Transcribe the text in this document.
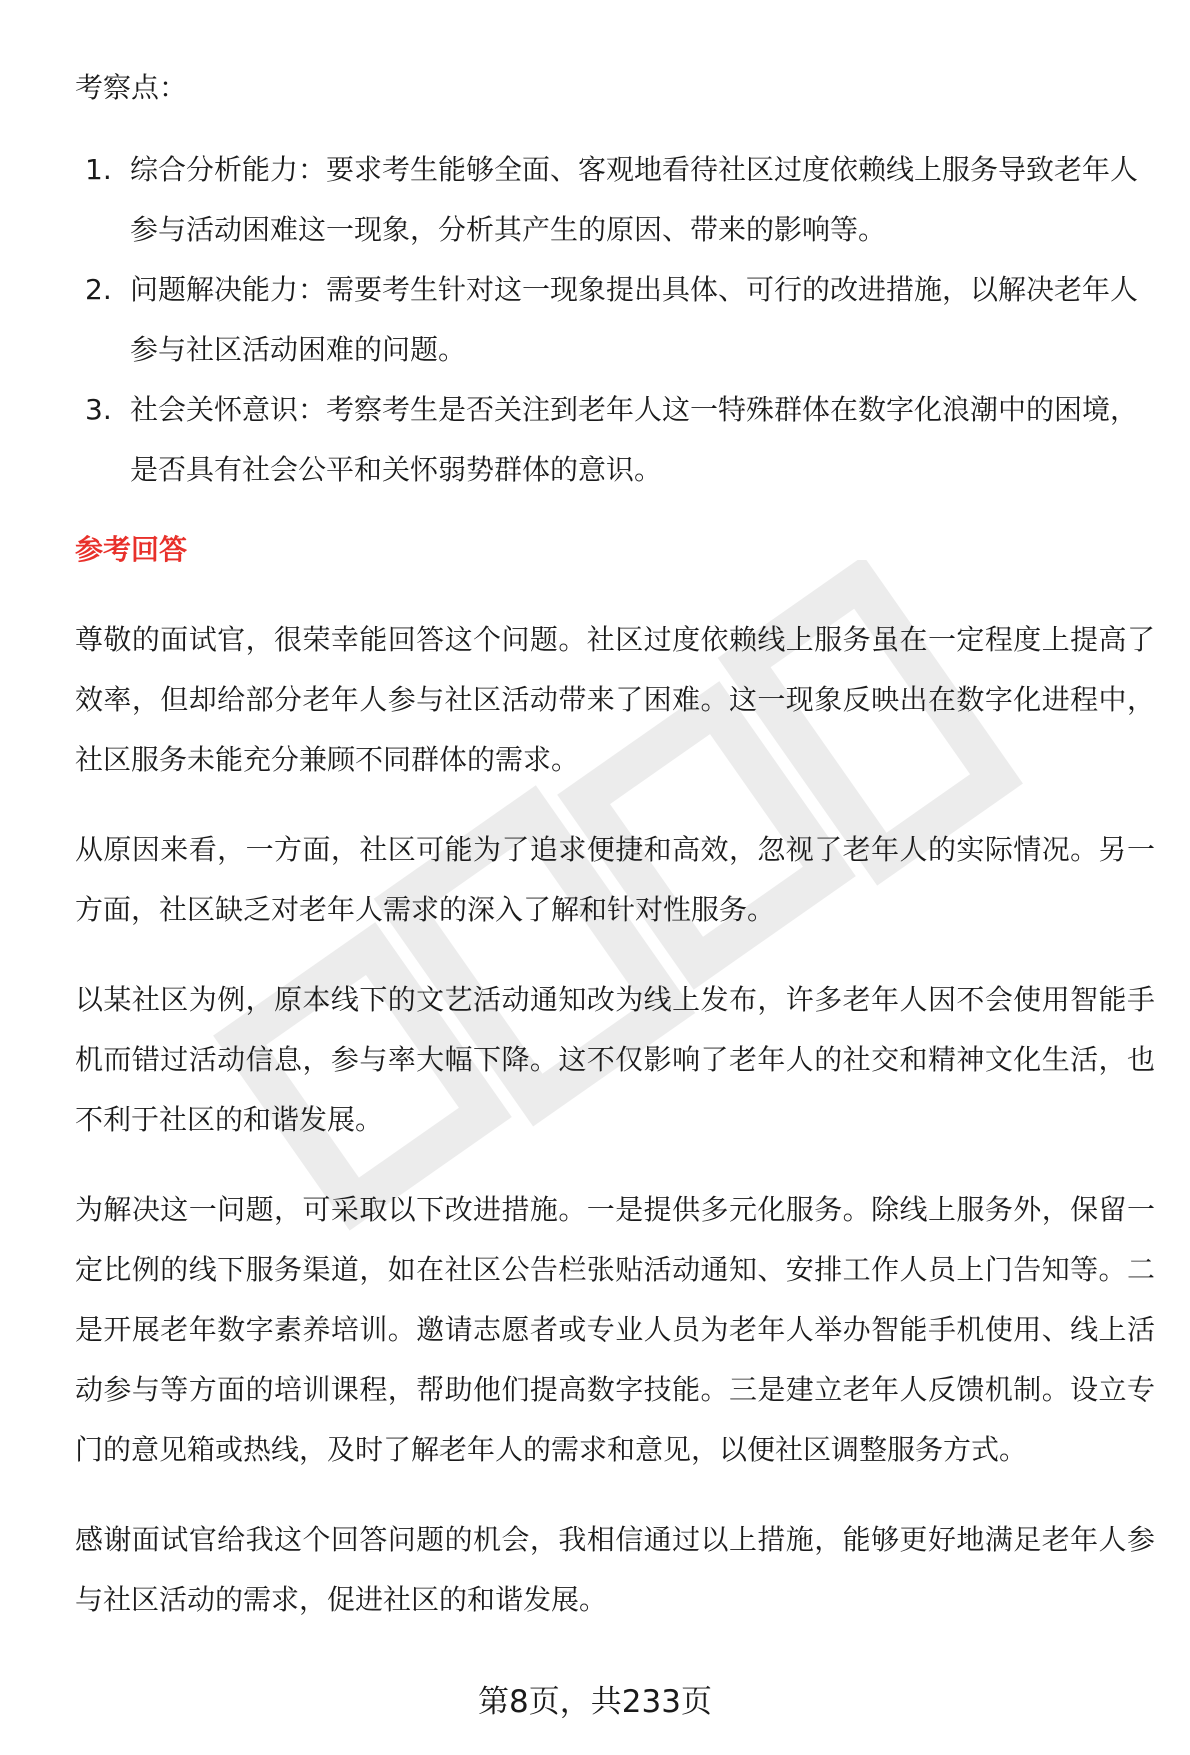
考察点：
1. 综合分析能力：要求考生能够全面、客观地看待社区过度依赖线上服务导致老年人参与活动困难这一现象，分析其产生的原因、带来的影响等。
2. 问题解决能力：需要考生针对这一现象提出具体、可行的改进措施，以解决老年人参与社区活动困难的问题。
3. 社会关怀意识：考察考生是否关注到老年人这一特殊群体在数字化浪潮中的困境，是否具有社会公平和关怀弱势群体的意识。
参考回答

尊敬的面试官，很荣幸能回答这个问题。社区过度依赖线上服务虽在一定程度上提高了效率，但却给部分老年人参与社区活动带来了困难。这一现象反映出在数字化进程中，社区服务未能充分兼顾不同群体的需求。

从原因来看，一方面，社区可能为了追求便捷和高效，忽视了老年人的实际情况。另一方面，社区缺乏对老年人需求的深入了解和针对性服务。

以某社区为例，原本线下的文艺活动通知改为线上发布，许多老年人因不会使用智能手机而错过活动信息，参与率大幅下降。这不仅影响了老年人的社交和精神文化生活，也不利于社区的和谐发展。

为解决这一问题，可采取以下改进措施。一是提供多元化服务。除线上服务外，保留一定比例的线下服务渠道，如在社区公告栏张贴活动通知、安排工作人员上门告知等。二是开展老年数字素养培训。邀请志愿者或专业人员为老年人举办智能手机使用、线上活动参与等方面的培训课程，帮助他们提高数字技能。三是建立老年人反馈机制。设立专门的意见箱或热线，及时了解老年人的需求和意见，以便社区调整服务方式。

感谢面试官给我这个回答问题的机会，我相信通过以上措施，能够更好地满足老年人参与社区活动的需求，促进社区的和谐发展。

第8页，共233页
